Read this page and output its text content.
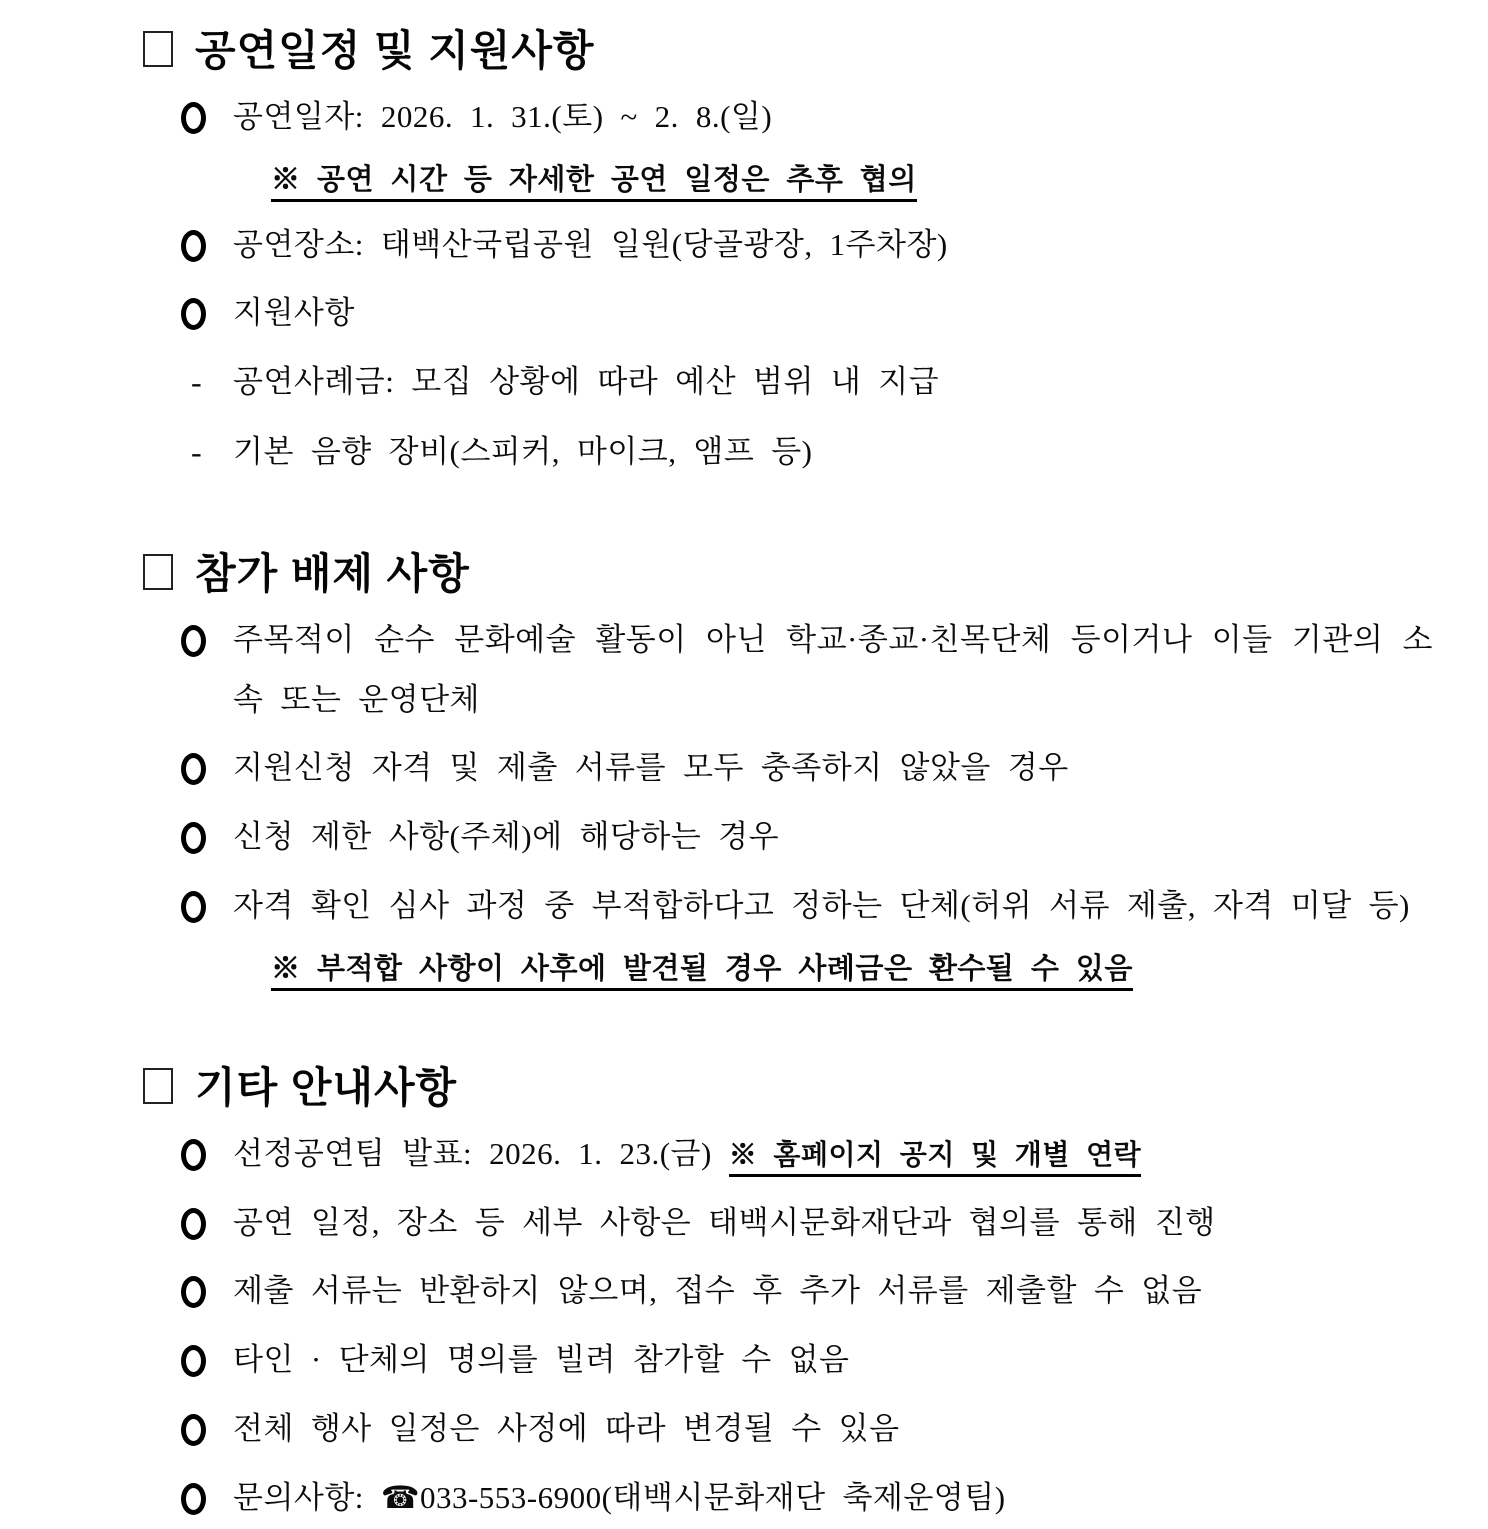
공연일정 및 지원사항
공연일자: 2026. 1. 31.(토) ~ 2. 8.(일)
※ 공연 시간 등 자세한 공연 일정은 추후 협의
공연장소: 태백산국립공원 일원(당골광장, 1주차장)
지원사항
-	공연사례금: 모집 상황에 따라 예산 범위 내 지급
-	기본 음향 장비(스피커, 마이크, 앰프 등)
참가 배제 사항
주목적이 순수 문화예술 활동이 아닌 학교·종교·친목단체 등이거나 이들 기관의 소속 또는 운영단체
지원신청 자격 및 제출 서류를 모두 충족하지 않았을 경우
신청 제한 사항(주체)에 해당하는 경우
자격 확인 심사 과정 중 부적합하다고 정하는 단체(허위 서류 제출, 자격 미달 등)
※ 부적합 사항이 사후에 발견될 경우 사례금은 환수될 수 있음
기타 안내사항
선정공연팀 발표: 2026. 1. 23.(금) ※ 홈페이지 공지 및 개별 연락
공연 일정, 장소 등 세부 사항은 태백시문화재단과 협의를 통해 진행
제출 서류는 반환하지 않으며, 접수 후 추가 서류를 제출할 수 없음
타인 · 단체의 명의를 빌려 참가할 수 없음
전체 행사 일정은 사정에 따라 변경될 수 있음
문의사항: ☎033-553-6900(태백시문화재단 축제운영팀)
